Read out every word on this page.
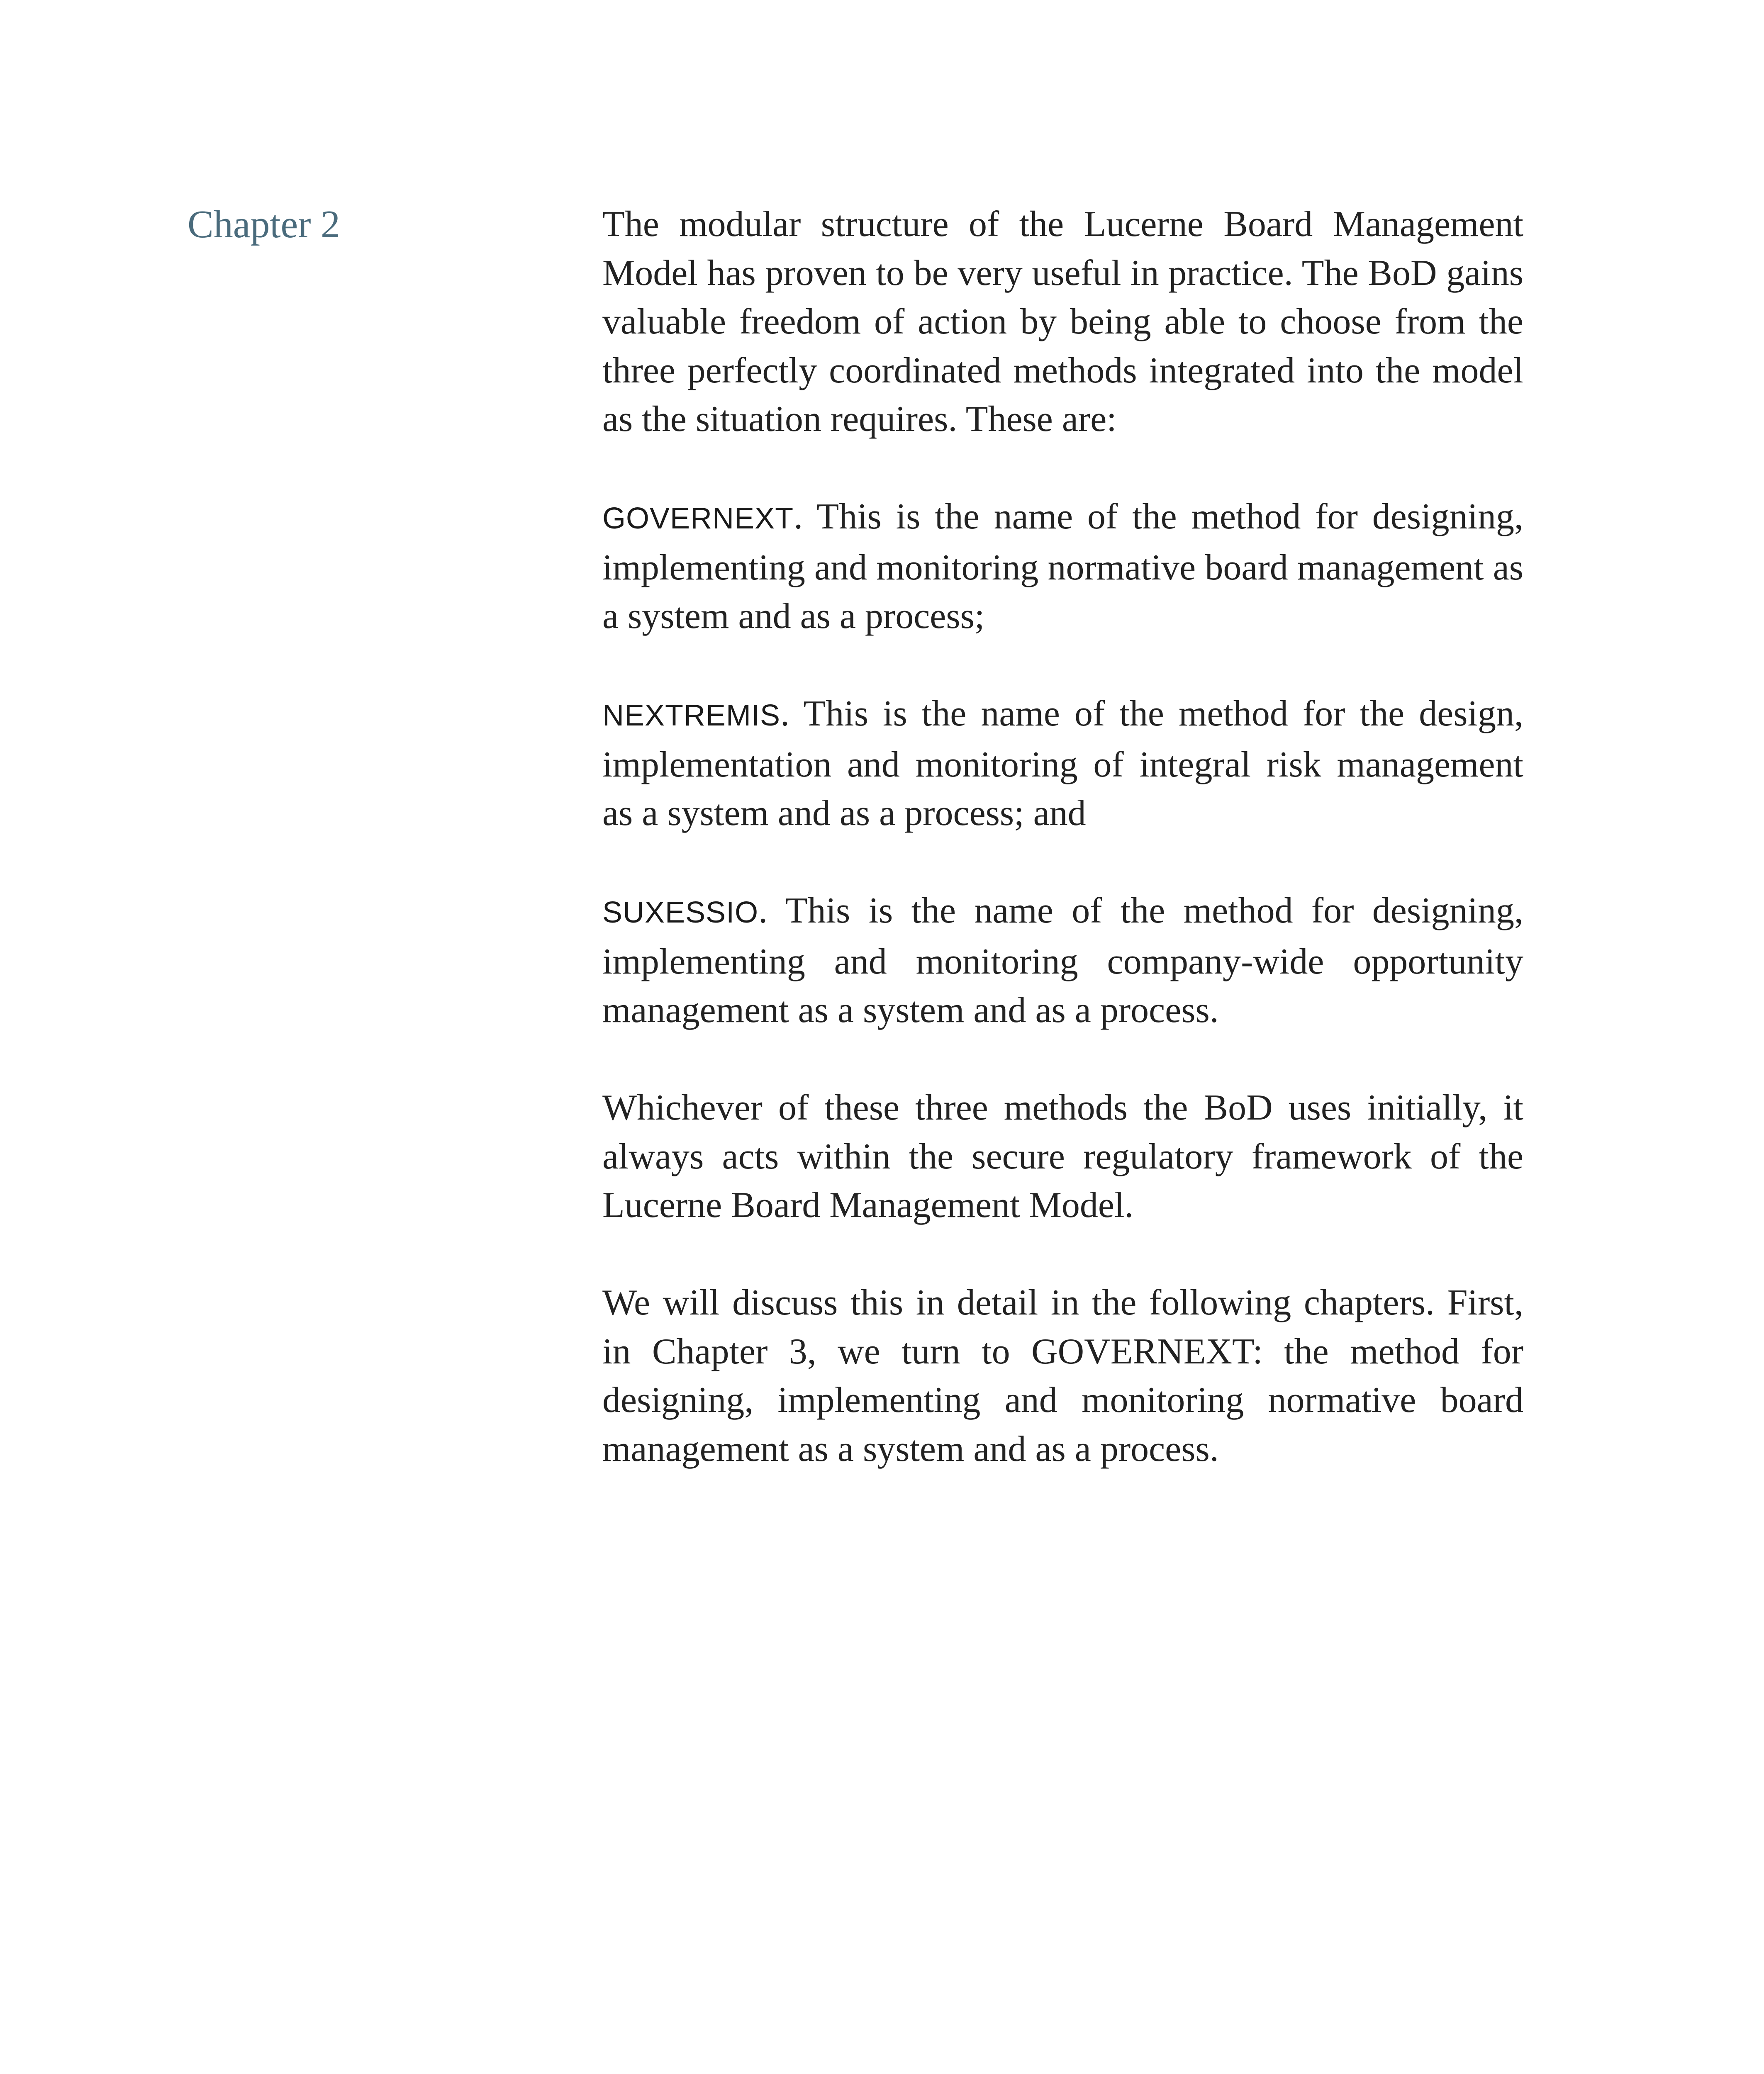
Chapter 2	The modular structure of the Lucerne Board Management Model has proven to be very useful in practice. The BoD gains valuable freedom of action by being able to choose from the three perfectly coordinated methods integrated into the model as the situation requires. These are:

GOVERNEXT. This is the name of the method for designing, implementing and monitoring normative board management as a system and as a process;

NEXTREMIS. This is the name of the method for the design, implementation and monitoring of integral risk management as a system and as a process; and

SUXESSIO. This is the name of the method for designing, implementing and monitoring company-wide opportunity management as a system and as a process.

Whichever of these three methods the BoD uses initially, it always acts within the secure regulatory framework of the Lucerne Board Management Model.

We will discuss this in detail in the following chapters. First, in Chapter 3, we turn to GOVERNEXT: the method for designing, implementing and monitoring normative board management as a system and as a process.
